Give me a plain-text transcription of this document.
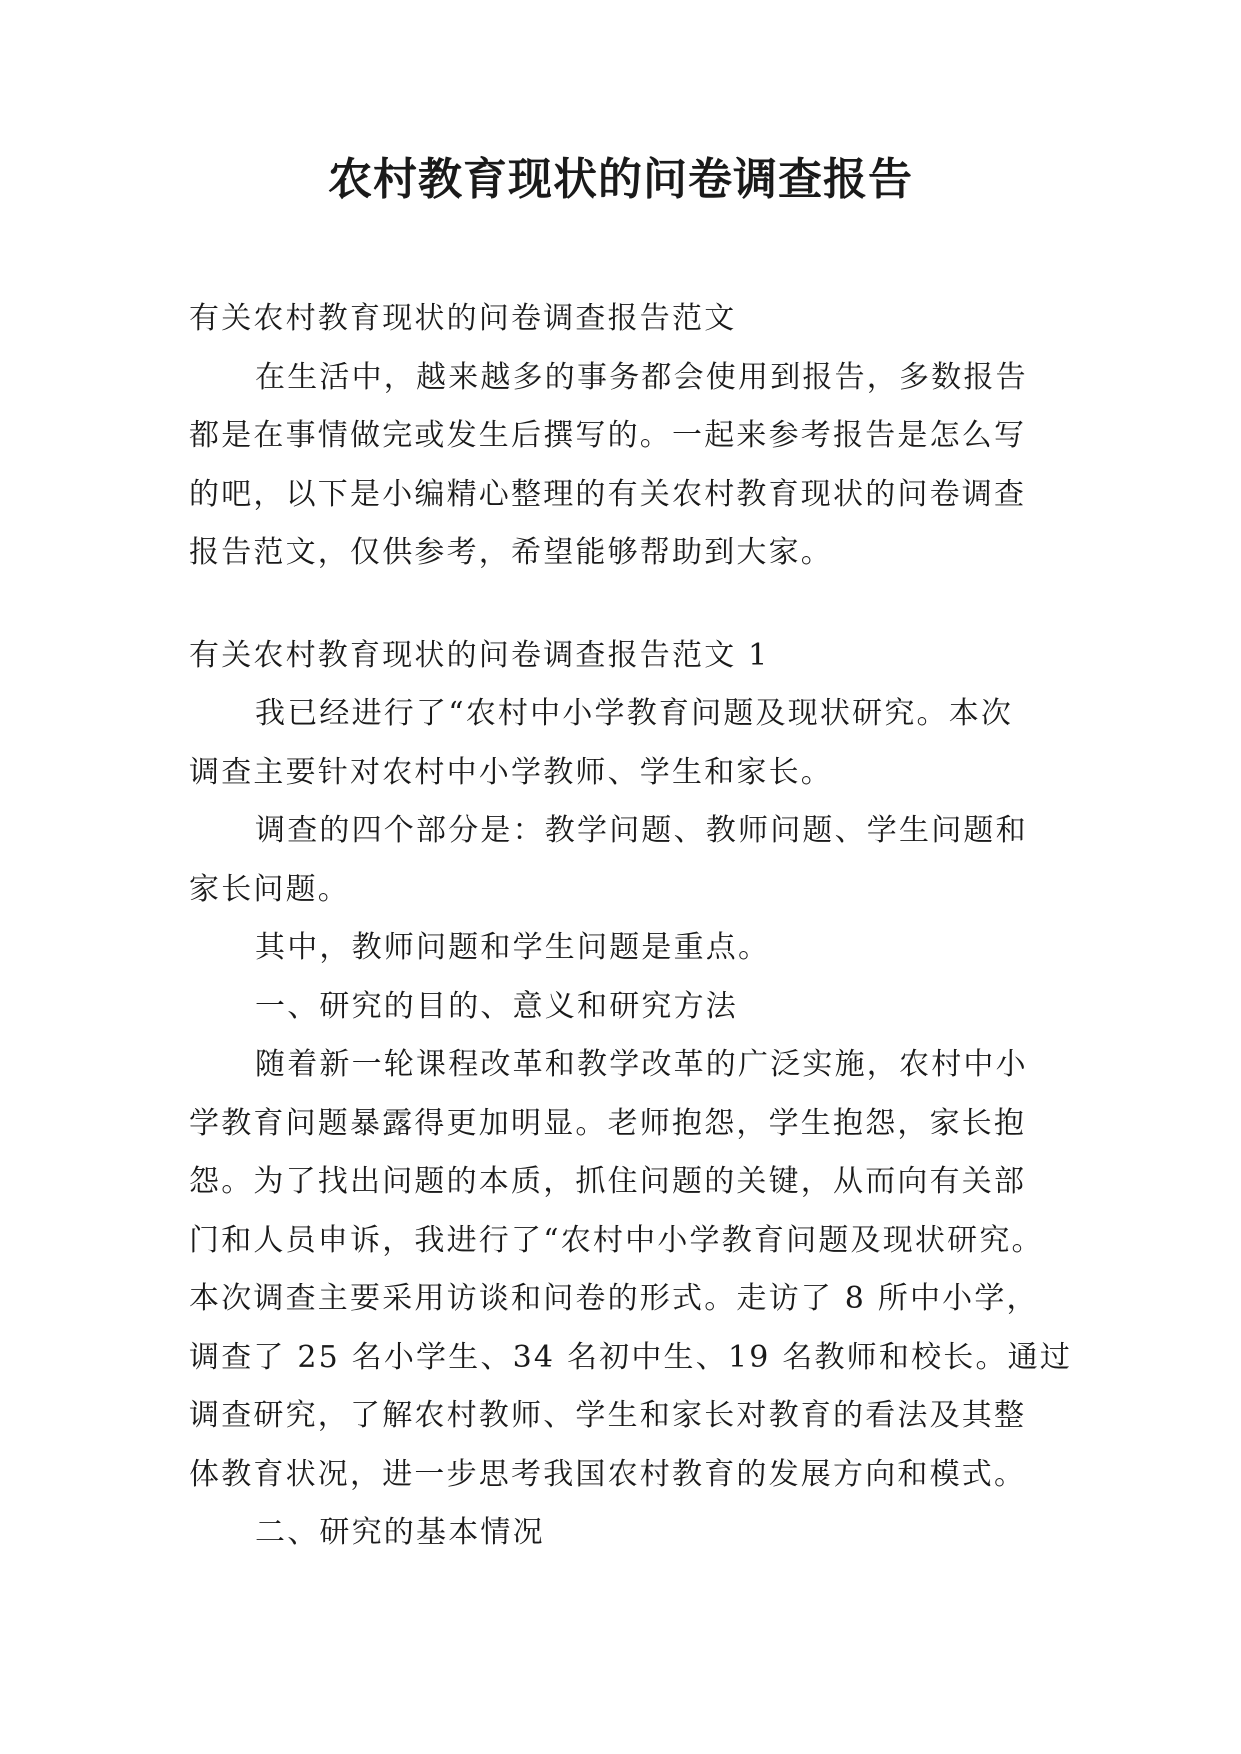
农村教育现状的问卷调查报告
有关农村教育现状的问卷调查报告范文
在生活中，越来越多的事务都会使用到报告，多数报告
都是在事情做完或发生后撰写的。一起来参考报告是怎么写
的吧，以下是小编精心整理的有关农村教育现状的问卷调查
报告范文，仅供参考，希望能够帮助到大家。
有关农村教育现状的问卷调查报告范文 1
我已经进行了“农村中小学教育问题及现状研究。本次
调查主要针对农村中小学教师、学生和家长。
调查的四个部分是：教学问题、教师问题、学生问题和
家长问题。
其中，教师问题和学生问题是重点。
一、研究的目的、意义和研究方法
随着新一轮课程改革和教学改革的广泛实施，农村中小
学教育问题暴露得更加明显。老师抱怨，学生抱怨，家长抱
怨。为了找出问题的本质，抓住问题的关键，从而向有关部
门和人员申诉，我进行了“农村中小学教育问题及现状研究。
本次调查主要采用访谈和问卷的形式。走访了 8 所中小学，
调查了 25 名小学生、34 名初中生、19 名教师和校长。通过
调查研究，了解农村教师、学生和家长对教育的看法及其整
体教育状况，进一步思考我国农村教育的发展方向和模式。
二、研究的基本情况
